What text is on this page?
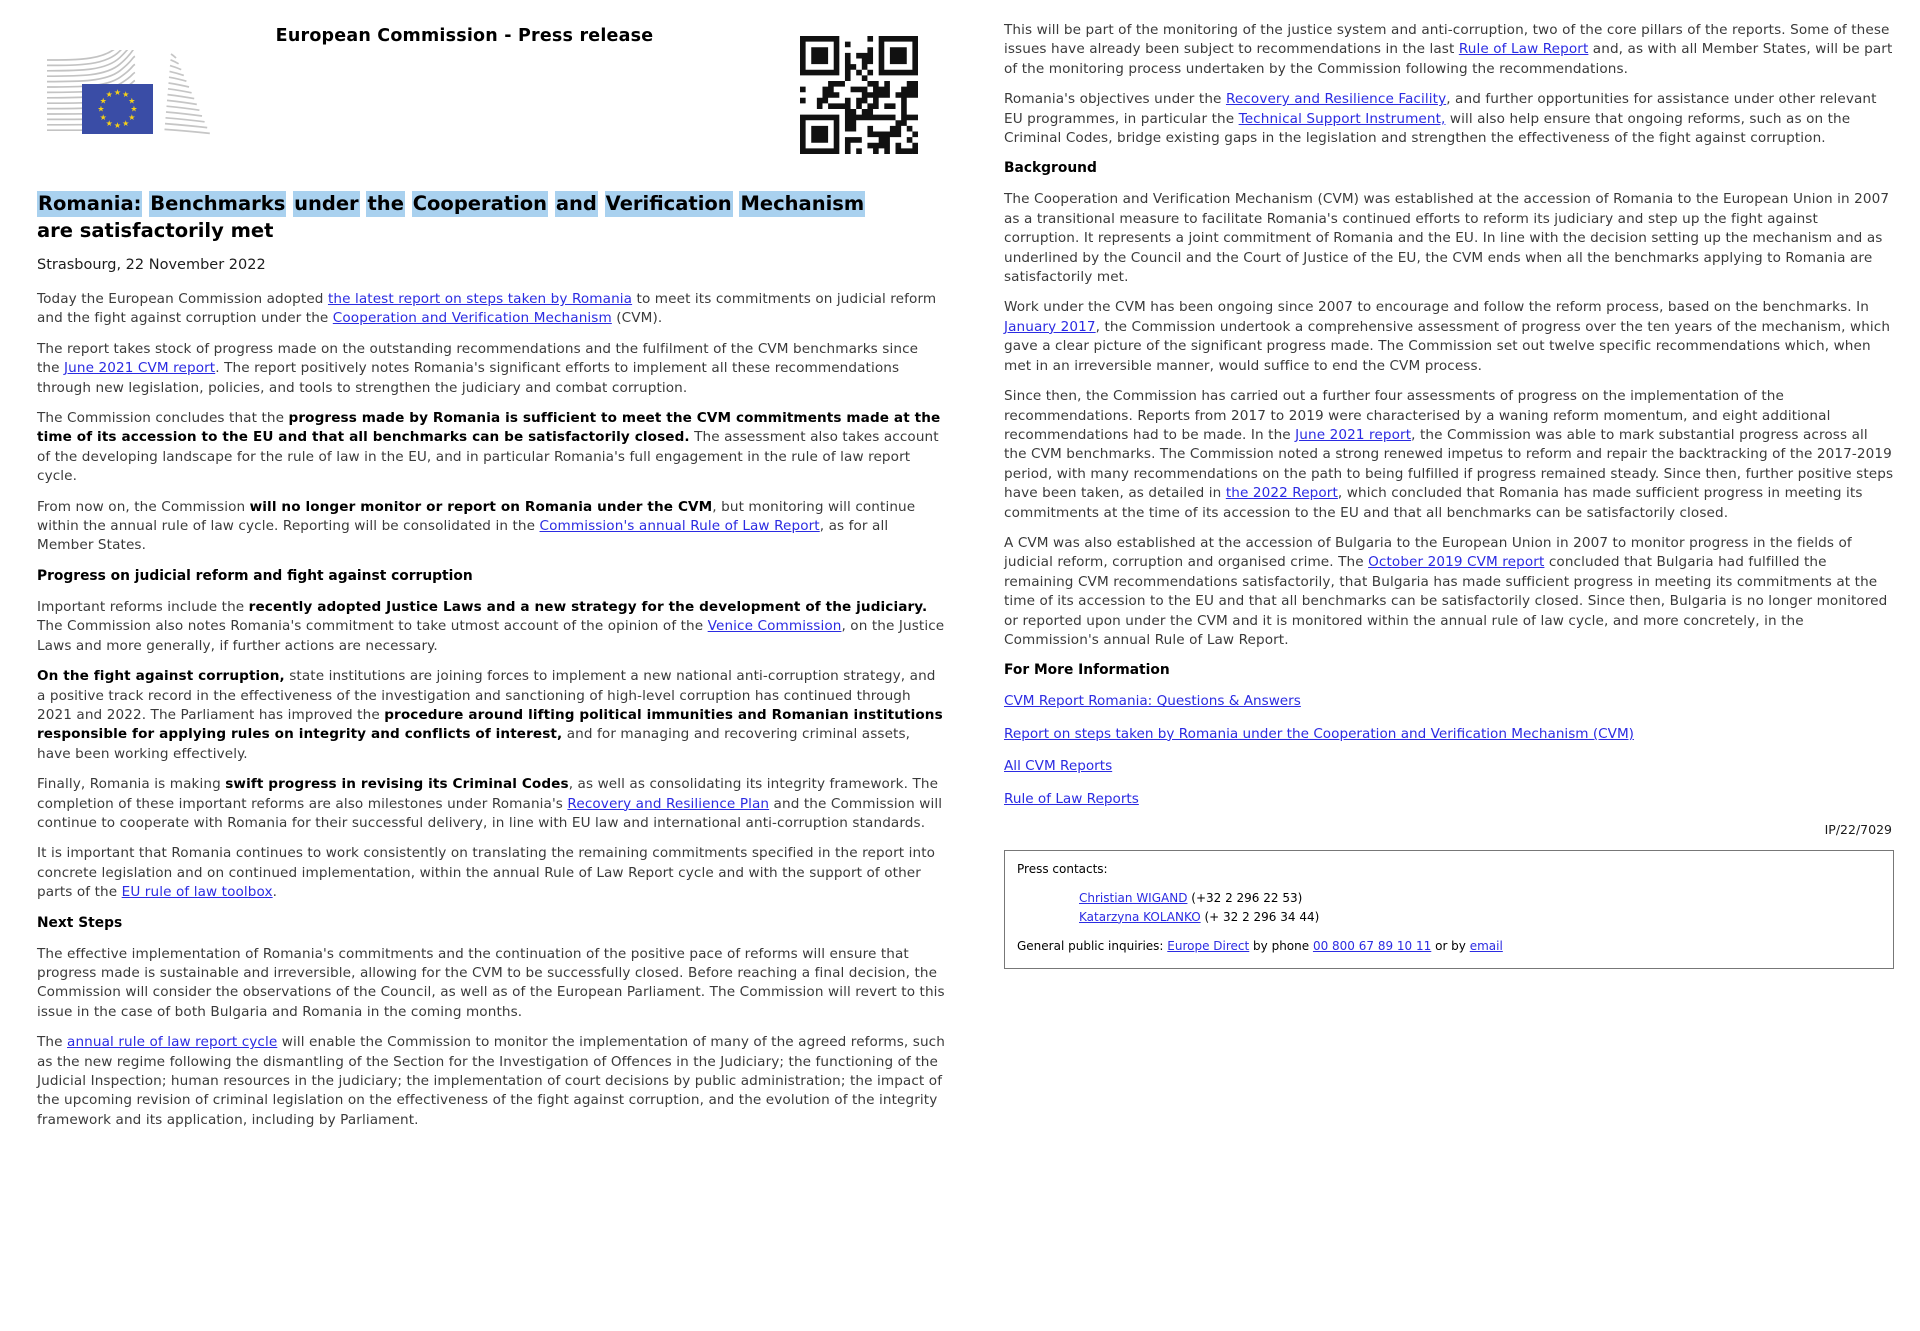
European Commission - Press release
★ ★
★
★
★
★
★
★
★
★
★
★
Romania: Benchmarks under the Cooperation and Verification Mechanism
are satisfactorily met
Strasbourg, 22 November 2022

Today the European Commission adopted the latest report on steps taken by Romania to meet its commitments on judicial reform and the fight against corruption under the Cooperation and Verification Mechanism (CVM).

The report takes stock of progress made on the outstanding recommendations and the fulfilment of the CVM benchmarks since the June 2021 CVM report. The report positively notes Romania's significant efforts to implement all these recommendations through new legislation, policies, and tools to strengthen the judiciary and combat corruption.

The Commission concludes that the progress made by Romania is sufficient to meet the CVM commitments made at the time of its accession to the EU and that all benchmarks can be satisfactorily closed. The assessment also takes account of the developing landscape for the rule of law in the EU, and in particular Romania's full engagement in the rule of law report cycle.

From now on, the Commission will no longer monitor or report on Romania under the CVM, but monitoring will continue within the annual rule of law cycle. Reporting will be consolidated in the Commission's annual Rule of Law Report, as for all Member States.

Progress on judicial reform and fight against corruption

Important reforms include the recently adopted Justice Laws and a new strategy for the development of the judiciary. The Commission also notes Romania's commitment to take utmost account of the opinion of the Venice Commission, on the Justice Laws and more generally, if further actions are necessary.

On the fight against corruption, state institutions are joining forces to implement a new national anti-corruption strategy, and a positive track record in the effectiveness of the investigation and sanctioning of high-level corruption has continued through 2021 and 2022. The Parliament has improved the procedure around lifting political immunities and Romanian institutions responsible for applying rules on integrity and conflicts of interest, and for managing and recovering criminal assets, have been working effectively.

Finally, Romania is making swift progress in revising its Criminal Codes, as well as consolidating its integrity framework. The completion of these important reforms are also milestones under Romania's Recovery and Resilience Plan and the Commission will continue to cooperate with Romania for their successful delivery, in line with EU law and international anti-corruption standards.

It is important that Romania continues to work consistently on translating the remaining commitments specified in the report into concrete legislation and on continued implementation, within the annual Rule of Law Report cycle and with the support of other parts of the EU rule of law toolbox.

Next Steps

The effective implementation of Romania's commitments and the continuation of the positive pace of reforms will ensure that progress made is sustainable and irreversible, allowing for the CVM to be successfully closed. Before reaching a final decision, the Commission will consider the observations of the Council, as well as of the European Parliament. The Commission will revert to this issue in the case of both Bulgaria and Romania in the coming months.

The annual rule of law report cycle will enable the Commission to monitor the implementation of many of the agreed reforms, such as the new regime following the dismantling of the Section for the Investigation of Offences in the Judiciary; the functioning of the Judicial Inspection; human resources in the judiciary; the implementation of court decisions by public administration; the impact of the upcoming revision of criminal legislation on the effectiveness of the fight against corruption, and the evolution of the integrity framework and its application, including by Parliament.

This will be part of the monitoring of the justice system and anti-corruption, two of the core pillars of the reports. Some of these issues have already been subject to recommendations in the last Rule of Law Report and, as with all Member States, will be part of the monitoring process undertaken by the Commission following the recommendations.

Romania's objectives under the Recovery and Resilience Facility, and further opportunities for assistance under other relevant EU programmes, in particular the Technical Support Instrument, will also help ensure that ongoing reforms, such as on the Criminal Codes, bridge existing gaps in the legislation and strengthen the effectiveness of the fight against corruption.

Background

The Cooperation and Verification Mechanism (CVM) was established at the accession of Romania to the European Union in 2007 as a transitional measure to facilitate Romania's continued efforts to reform its judiciary and step up the fight against corruption. It represents a joint commitment of Romania and the EU. In line with the decision setting up the mechanism and as underlined by the Council and the Court of Justice of the EU, the CVM ends when all the benchmarks applying to Romania are satisfactorily met.

Work under the CVM has been ongoing since 2007 to encourage and follow the reform process, based on the benchmarks. In January 2017, the Commission undertook a comprehensive assessment of progress over the ten years of the mechanism, which gave a clear picture of the significant progress made. The Commission set out twelve specific recommendations which, when met in an irreversible manner, would suffice to end the CVM process.

Since then, the Commission has carried out a further four assessments of progress on the implementation of the recommendations. Reports from 2017 to 2019 were characterised by a waning reform momentum, and eight additional recommendations had to be made. In the June 2021 report, the Commission was able to mark substantial progress across all the CVM benchmarks. The Commission noted a strong renewed impetus to reform and repair the backtracking of the 2017-2019 period, with many recommendations on the path to being fulfilled if progress remained steady. Since then, further positive steps have been taken, as detailed in the 2022 Report, which concluded that Romania has made sufficient progress in meeting its commitments at the time of its accession to the EU and that all benchmarks can be satisfactorily closed.

A CVM was also established at the accession of Bulgaria to the European Union in 2007 to monitor progress in the fields of judicial reform, corruption and organised crime. The October 2019 CVM report concluded that Bulgaria had fulfilled the remaining CVM recommendations satisfactorily, that Bulgaria has made sufficient progress in meeting its commitments at the time of its accession to the EU and that all benchmarks can be satisfactorily closed. Since then, Bulgaria is no longer monitored or reported upon under the CVM and it is monitored within the annual rule of law cycle, and more concretely, in the Commission's annual Rule of Law Report.

For More Information

CVM Report Romania: Questions & Answers

Report on steps taken by Romania under the Cooperation and Verification Mechanism (CVM)

All CVM Reports

Rule of Law Reports

IP/22/7029
Press contacts:
Christian WIGAND (+32 2 296 22 53)
Katarzyna KOLANKO (+ 32 2 296 34 44)
General public inquiries: Europe Direct by phone 00 800 67 89 10 11 or by email
